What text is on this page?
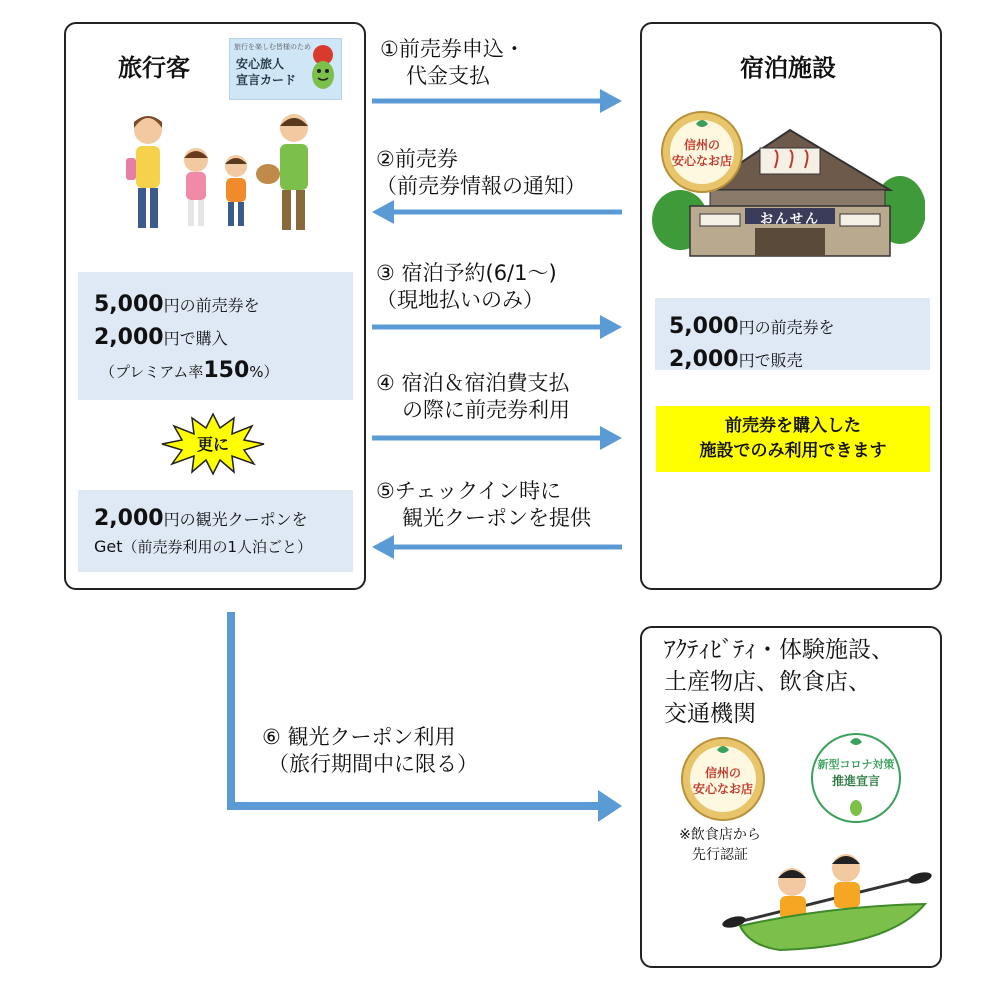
旅行客
旅行を楽しむ皆様のため
安心旅人
宣言カード
5,000円の前売券を
2,000円で購入
（プレミアム率150%）
更に
2,000円の観光クーポンを
Get（前売券利用の1人泊ごと）
宿泊施設
おんせん
信州の
安心なお店
5,000円の前売券を
2,000円で販売
前売券を購入した
施設でのみ利用できます
①前売券申込・
代金支払
②前売券
（前売券情報の通知）
③ 宿泊予約(6/1～)
（現地払いのみ）
④ 宿泊＆宿泊費支払
の際に前売券利用
⑤チェックイン時に
観光クーポンを提供
⑥ 観光クーポン利用
（旅行期間中に限る）
ｱｸﾃｨﾋﾞﾃｨ・体験施設、
土産物店、飲食店、
交通機関
信州の
安心なお店
新型コロナ対策
推進宣言
※飲食店から
先行認証
